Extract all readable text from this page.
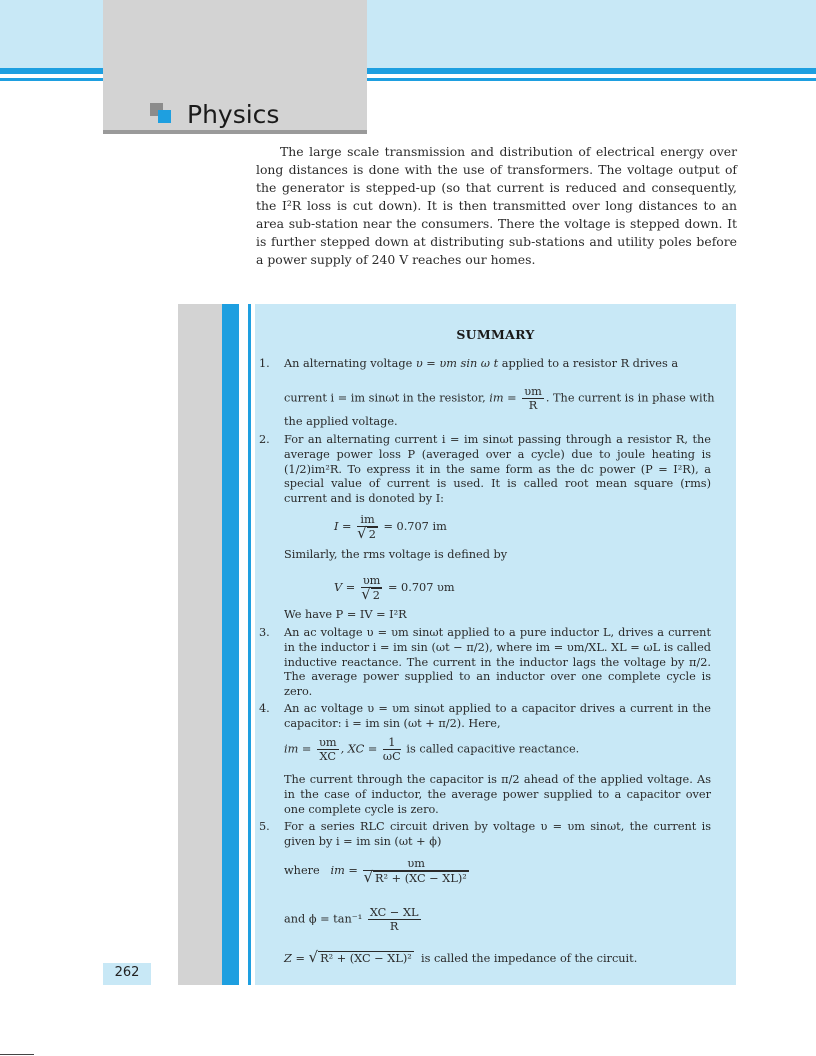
Physics

The large scale transmission and distribution of electrical energy over long distances is done with the use of transformers. The voltage output of the generator is stepped-up (so that current is reduced and consequently, the I²R loss is cut down). It is then transmitted over long distances to an area sub-station near the consumers. There the voltage is stepped down. It is further stepped down at distributing sub-stations and utility poles before a power supply of 240 V reaches our homes.

SUMMARY
1. An alternating voltage υ = υm sin ω t applied to a resistor R drives a
current i = im sinωt in the resistor, im = $\frac{\upsilon m}{R}$ . The current is in phase with
the applied voltage.
2. For an alternating current i = im sinωt passing through a resistor R, the average power loss P (averaged over a cycle) due to joule heating is (1/2)im²R. To express it in the same form as the dc power (P = I²R), a special value of current is used. It is called root mean square (rms) current and is donoted by I:
$I = \frac{im}{√ 2} = 0.707$ im
Similarly, the rms voltage is defined by
$V = \frac{\upsilon m}{√ 2} = 0.707$ υm
We have P = IV = I²R
3. An ac voltage υ = υm sinωt applied to a pure inductor L, drives a current in the inductor i = im sin (ωt − π/2), where im = υm/XL. XL = ωL is called inductive reactance. The current in the inductor lags the voltage by π/2. The average power supplied to an inductor over one complete cycle is zero.
4. An ac voltage υ = υm sinωt applied to a capacitor drives a current in the capacitor: i = im sin (ωt + π/2). Here,
im = $\frac{\upsilon m}{XC}$ , XC = $\frac{1}{\omega C}$ is called capacitive reactance.
The current through the capacitor is π/2 ahead of the applied voltage. As in the case of inductor, the average power supplied to a capacitor over one complete cycle is zero.
5. For a series RLC circuit driven by voltage υ = υm sinωt, the current is given by i = im sin (ωt + ϕ)
where im = $\frac{\upsilon m}{\text{√ R² + (XC − XL)²}}$
and $\phi = \tan^{-1} \frac{XC - XL}{R}$
Z = √ R² + (XC − XL)² is called the impedance of the circuit.
262
